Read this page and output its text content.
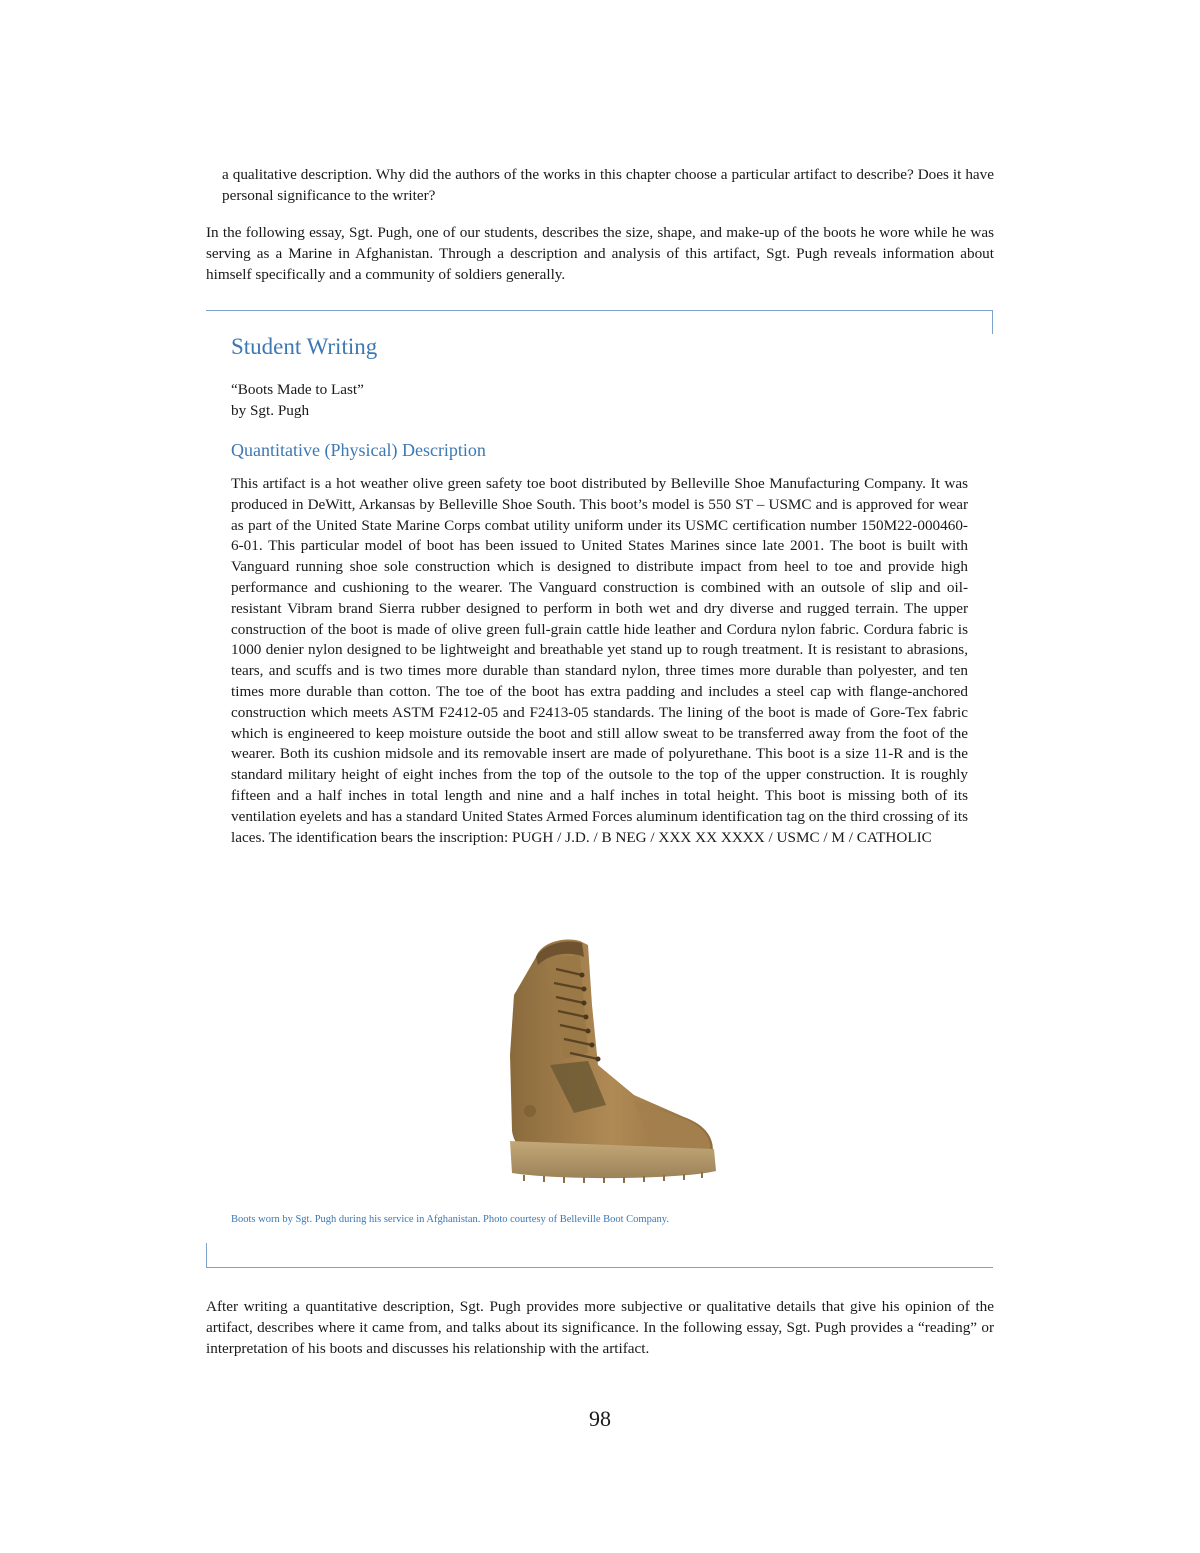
a qualitative description. Why did the authors of the works in this chapter choose a particular artifact to describe? Does it have personal significance to the writer?

In the following essay, Sgt. Pugh, one of our students, describes the size, shape, and make-up of the boots he wore while he was serving as a Marine in Afghanistan. Through a description and analysis of this artifact, Sgt. Pugh reveals information about himself specifically and a community of soldiers generally.

Student Writing

“Boots Made to Last”

by Sgt. Pugh

Quantitative (Physical) Description

This artifact is a hot weather olive green safety toe boot distributed by Belleville Shoe Manufacturing Company. It was produced in DeWitt, Arkansas by Belleville Shoe South. This boot’s model is 550 ST – USMC and is approved for wear as part of the United State Marine Corps combat utility uniform under its USMC certification number 150M22-000460-6-01. This particular model of boot has been issued to United States Marines since late 2001. The boot is built with Vanguard running shoe sole construction which is designed to distribute impact from heel to toe and provide high performance and cushioning to the wearer. The Vanguard construction is combined with an outsole of slip and oil-resistant Vibram brand Sierra rubber designed to perform in both wet and dry diverse and rugged terrain. The upper construction of the boot is made of olive green full-grain cattle hide leather and Cordura nylon fabric. Cordura fabric is 1000 denier nylon designed to be lightweight and breathable yet stand up to rough treatment. It is resistant to abrasions, tears, and scuffs and is two times more durable than standard nylon, three times more durable than polyester, and ten times more durable than cotton. The toe of the boot has extra padding and includes a steel cap with flange-anchored construction which meets ASTM F2412-05 and F2413-05 standards. The lining of the boot is made of Gore-Tex fabric which is engineered to keep moisture outside the boot and still allow sweat to be transferred away from the foot of the wearer. Both its cushion midsole and its removable insert are made of polyurethane. This boot is a size 11-R and is the standard military height of eight inches from the top of the outsole to the top of the upper construction. It is roughly fifteen and a half inches in total length and nine and a half inches in total height. This boot is missing both of its ventilation eyelets and has a standard United States Armed Forces aluminum identification tag on the third crossing of its laces. The identification bears the inscription: PUGH / J.D. / B NEG / XXX XX XXXX / USMC / M / CATHOLIC

Boots worn by Sgt. Pugh during his service in Afghanistan. Photo courtesy of Belleville Boot Company.

After writing a quantitative description, Sgt. Pugh provides more subjective or qualitative details that give his opinion of the artifact, describes where it came from, and talks about its significance. In the following essay, Sgt. Pugh provides a “reading” or interpretation of his boots and discusses his relationship with the artifact.

98
